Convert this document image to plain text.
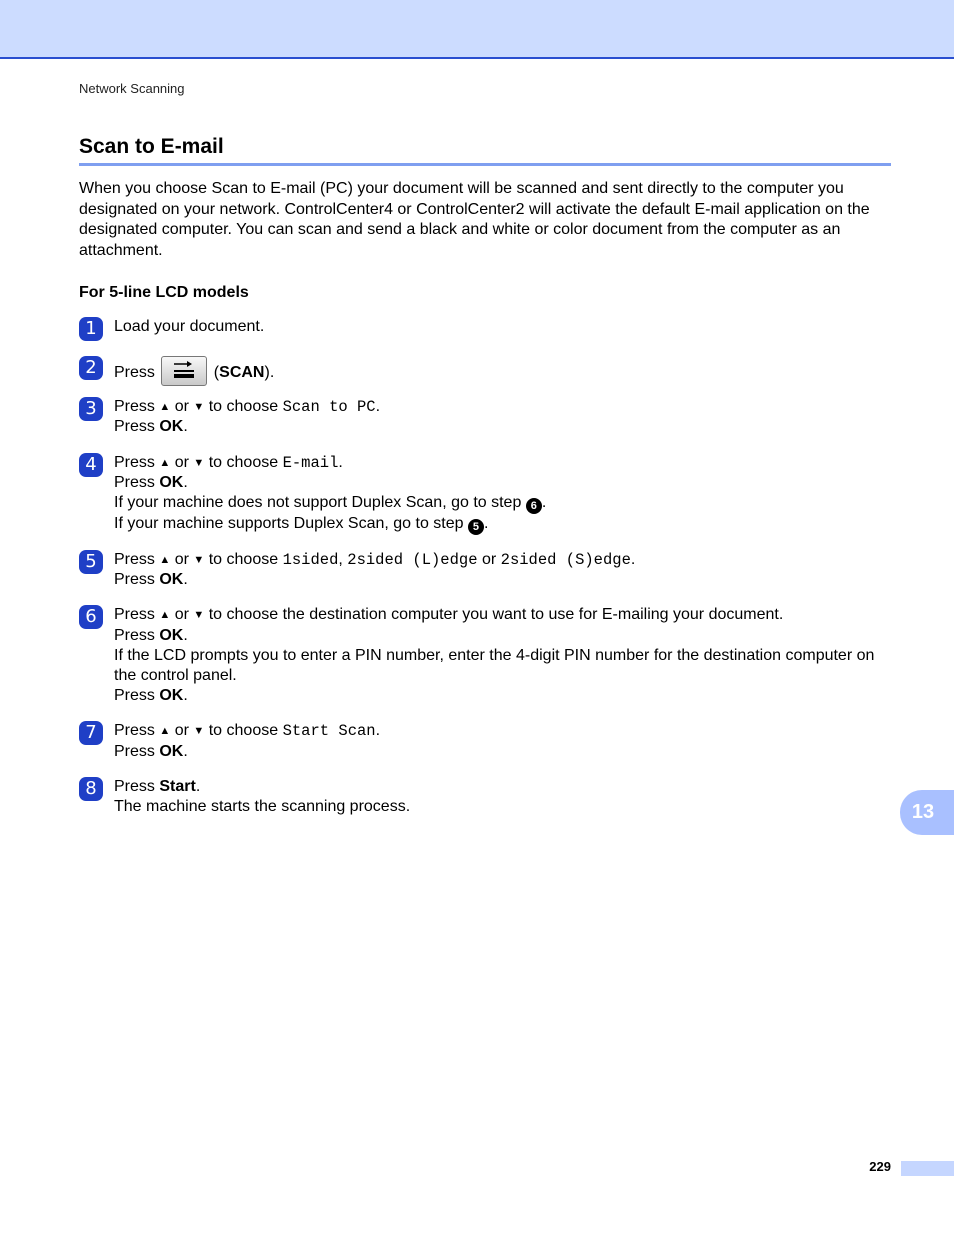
Network Scanning
Scan to E-mail
When you choose Scan to E-mail (PC) your document will be scanned and sent directly to the computer you designated on your network. ControlCenter4 or ControlCenter2 will activate the default E-mail application on the designated computer. You can scan and send a black and white or color document from the computer as an attachment.
For 5-line LCD models
1	Load your document.
2	Press	(SCAN).
3	Press ▲ or ▼ to choose Scan to PC.
Press OK.
4	Press ▲ or ▼ to choose E-mail.
Press OK.
If your machine does not support Duplex Scan, go to step 6 .
If your machine supports Duplex Scan, go to step 5 .
5	Press ▲ or ▼ to choose 1sided, 2sided (L)edge or 2sided (S)edge.
Press OK.
6	Press ▲ or ▼ to choose the destination computer you want to use for E-mailing your document.
Press OK.
If the LCD prompts you to enter a PIN number, enter the 4-digit PIN number for the destination computer on the control panel.
Press OK.
7	Press ▲ or ▼ to choose Start Scan.
Press OK.
8	Press Start.
The machine starts the scanning process.	13
229
